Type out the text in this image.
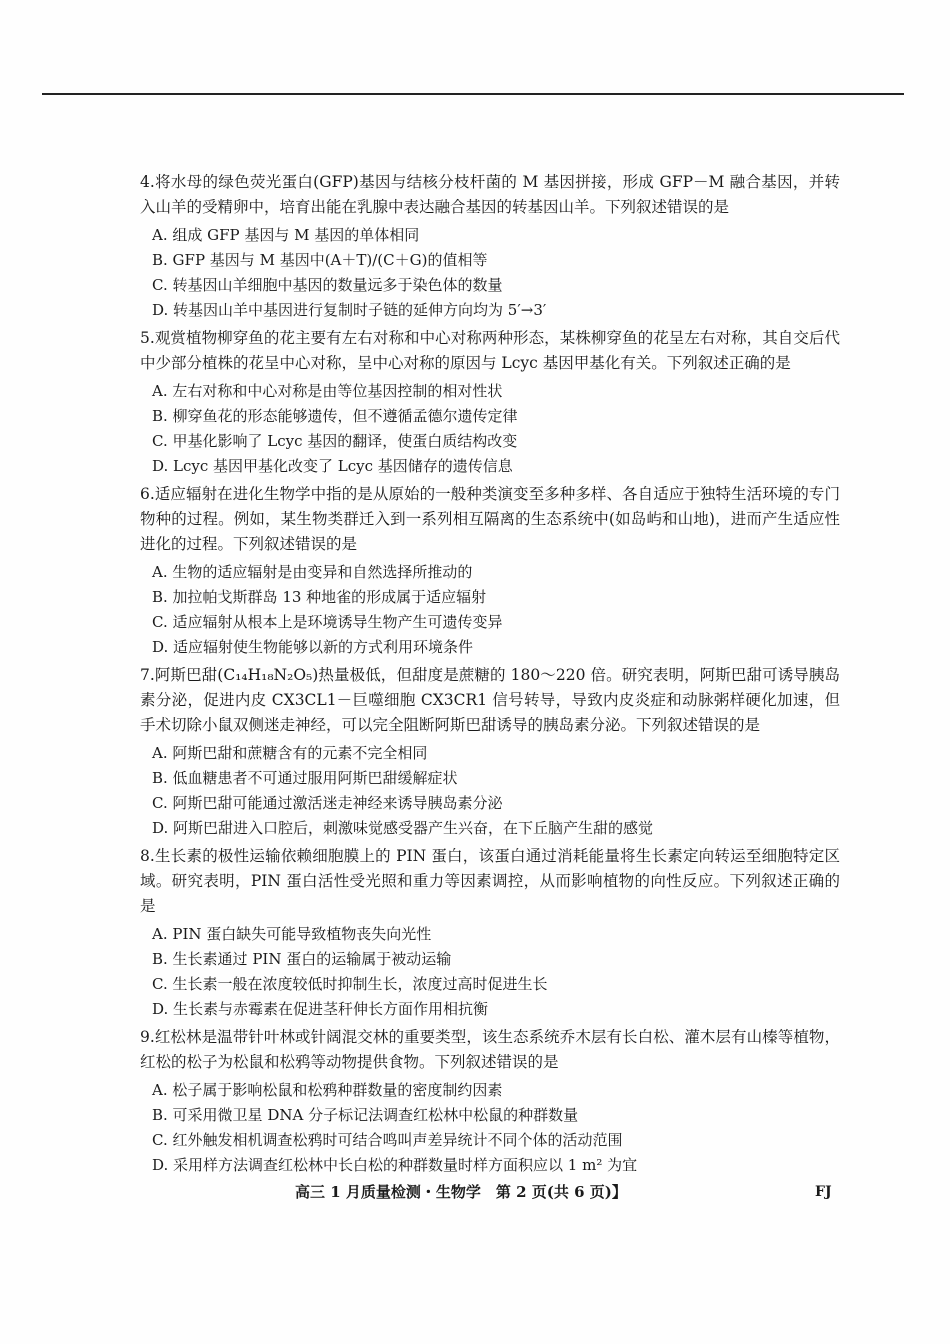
4.将水母的绿色荧光蛋白(GFP)基因与结核分枝杆菌的 M 基因拼接，形成 GFP－M 融合基因，并转入山羊的受精卵中，培育出能在乳腺中表达融合基因的转基因山羊。下列叙述错误的是

A. 组成 GFP 基因与 M 基因的单体相同
B. GFP 基因与 M 基因中(A＋T)/(C＋G)的值相等
C. 转基因山羊细胞中基因的数量远多于染色体的数量
D. 转基因山羊中基因进行复制时子链的延伸方向均为 5′→3′

5.观赏植物柳穿鱼的花主要有左右对称和中心对称两种形态，某株柳穿鱼的花呈左右对称，其自交后代中少部分植株的花呈中心对称，呈中心对称的原因与 Lcyc 基因甲基化有关。下列叙述正确的是

A. 左右对称和中心对称是由等位基因控制的相对性状
B. 柳穿鱼花的形态能够遗传，但不遵循孟德尔遗传定律
C. 甲基化影响了 Lcyc 基因的翻译，使蛋白质结构改变
D. Lcyc 基因甲基化改变了 Lcyc 基因储存的遗传信息

6.适应辐射在进化生物学中指的是从原始的一般种类演变至多种多样、各自适应于独特生活环境的专门物种的过程。例如，某生物类群迁入到一系列相互隔离的生态系统中(如岛屿和山地)，进而产生适应性进化的过程。下列叙述错误的是

A. 生物的适应辐射是由变异和自然选择所推动的
B. 加拉帕戈斯群岛 13 种地雀的形成属于适应辐射
C. 适应辐射从根本上是环境诱导生物产生可遗传变异
D. 适应辐射使生物能够以新的方式利用环境条件

7.阿斯巴甜(C₁₄H₁₈N₂O₅)热量极低，但甜度是蔗糖的 180～220 倍。研究表明，阿斯巴甜可诱导胰岛素分泌，促进内皮 CX3CL1－巨噬细胞 CX3CR1 信号转导，导致内皮炎症和动脉粥样硬化加速，但手术切除小鼠双侧迷走神经，可以完全阻断阿斯巴甜诱导的胰岛素分泌。下列叙述错误的是

A. 阿斯巴甜和蔗糖含有的元素不完全相同
B. 低血糖患者不可通过服用阿斯巴甜缓解症状
C. 阿斯巴甜可能通过激活迷走神经来诱导胰岛素分泌
D. 阿斯巴甜进入口腔后，刺激味觉感受器产生兴奋，在下丘脑产生甜的感觉

8.生长素的极性运输依赖细胞膜上的 PIN 蛋白，该蛋白通过消耗能量将生长素定向转运至细胞特定区域。研究表明，PIN 蛋白活性受光照和重力等因素调控，从而影响植物的向性反应。下列叙述正确的是

A. PIN 蛋白缺失可能导致植物丧失向光性
B. 生长素通过 PIN 蛋白的运输属于被动运输
C. 生长素一般在浓度较低时抑制生长，浓度过高时促进生长
D. 生长素与赤霉素在促进茎秆伸长方面作用相抗衡

9.红松林是温带针叶林或针阔混交林的重要类型，该生态系统乔木层有长白松、灌木层有山榛等植物，红松的松子为松鼠和松鸦等动物提供食物。下列叙述错误的是

A. 松子属于影响松鼠和松鸦种群数量的密度制约因素
B. 可采用微卫星 DNA 分子标记法调查红松林中松鼠的种群数量
C. 红外触发相机调查松鸦时可结合鸣叫声差异统计不同个体的活动范围
D. 采用样方法调查红松林中长白松的种群数量时样方面积应以 1 m² 为宜
高三 1 月质量检测・生物学　第 2 页(共 6 页)】	FJ
